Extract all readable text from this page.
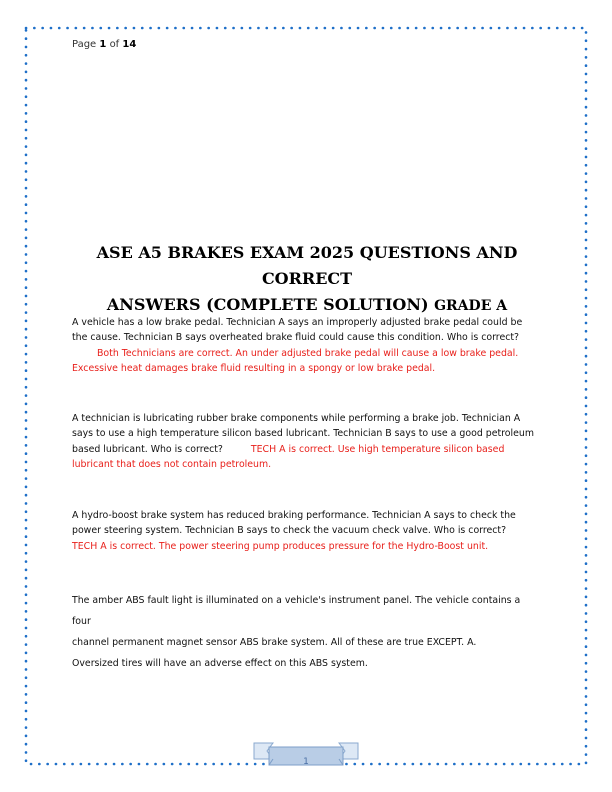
Page 1 of 14
ASE A5 BRAKES EXAM 2025 QUESTIONS AND CORRECT
ANSWERS (COMPLETE SOLUTION) GRADE A
A vehicle has a low brake pedal. Technician A says an improperly adjusted brake pedal could be the cause. Technician B says overheated brake fluid could cause this condition. Who is correct?  Both Technicians are correct. An under adjusted brake pedal will cause a low brake pedal. Excessive heat damages brake fluid resulting in a spongy or low brake pedal.
A technician is lubricating rubber brake components while performing a brake job. Technician A says to use a high temperature silicon based lubricant. Technician B says to use a good petroleum based lubricant. Who is correct?	TECH A is correct. Use high temperature silicon based lubricant that does not contain petroleum.
A hydro-boost brake system has reduced braking performance. Technician A says to check the power steering system. Technician B says to check the vacuum check valve. Who is correct?  TECH A is correct. The power steering pump produces pressure for the Hydro-Boost unit.
The amber ABS fault light is illuminated on a vehicle's instrument panel. The vehicle contains a four
channel permanent magnet sensor ABS brake system. All of these are true EXCEPT. A.
Oversized tires will have an adverse effect on this ABS system.
1
